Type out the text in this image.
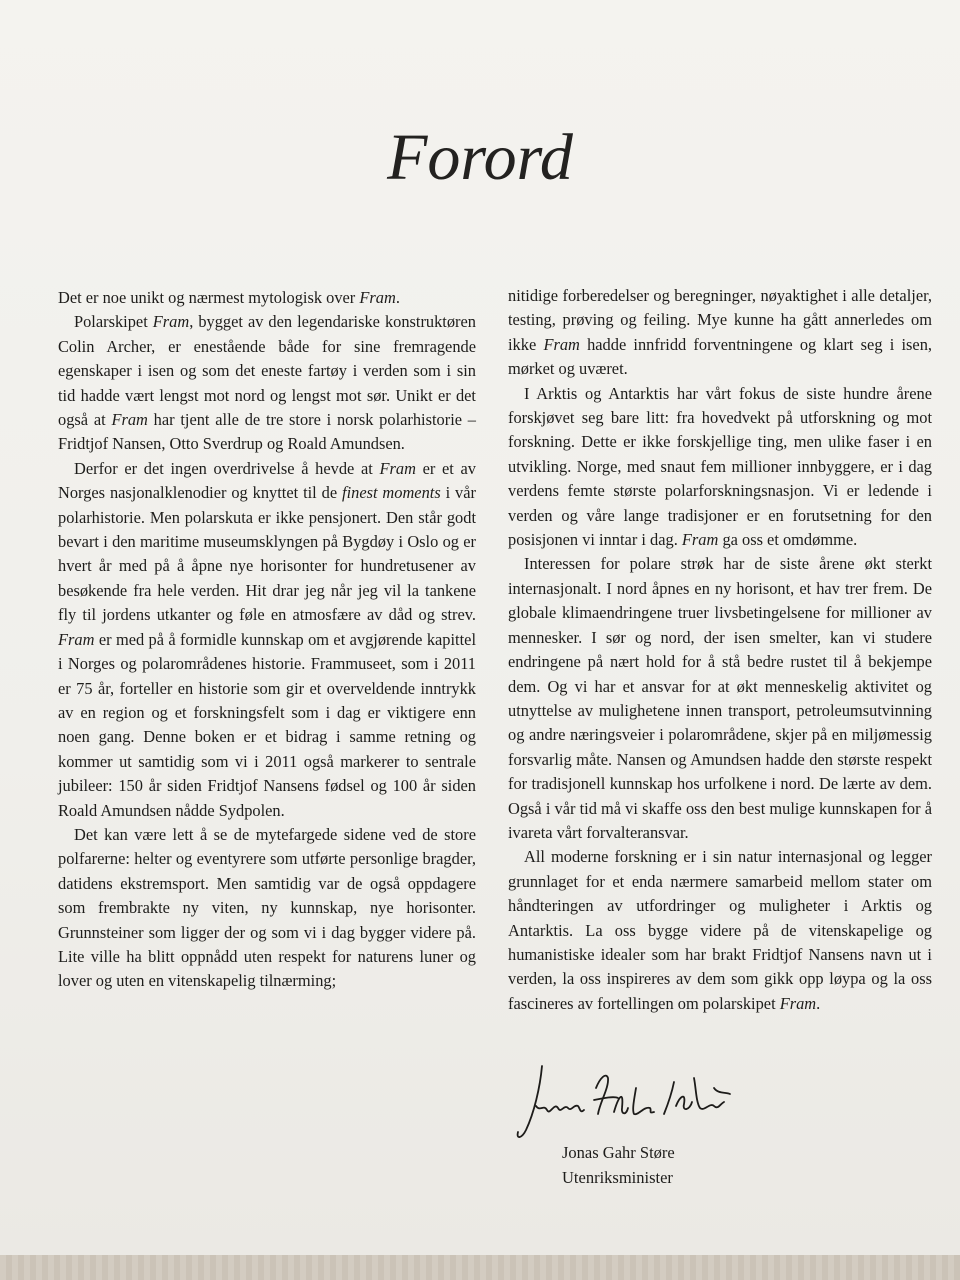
Forord

Det er noe unikt og nærmest mytologisk over Fram.

Polarskipet Fram, bygget av den legendariske konstruktøren Colin Archer, er enestående både for sine fremragende egenskaper i isen og som det eneste fartøy i verden som i sin tid hadde vært lengst mot nord og lengst mot sør. Unikt er det også at Fram har tjent alle de tre store i norsk polarhistorie – Fridtjof Nansen, Otto Sverdrup og Roald Amundsen.

Derfor er det ingen overdrivelse å hevde at Fram er et av Norges nasjonalklenodier og knyttet til de finest moments i vår polarhistorie. Men polarskuta er ikke pensjonert. Den står godt bevart i den maritime museumsklyngen på Bygdøy i Oslo og er hvert år med på å åpne nye horisonter for hundretusener av besøkende fra hele verden. Hit drar jeg når jeg vil la tankene fly til jordens utkanter og føle en atmosfære av dåd og strev. Fram er med på å formidle kunnskap om et avgjørende kapittel i Norges og polarområdenes historie. Frammuseet, som i 2011 er 75 år, forteller en historie som gir et overveldende inntrykk av en region og et forskningsfelt som i dag er viktigere enn noen gang. Denne boken er et bidrag i samme retning og kommer ut samtidig som vi i 2011 også markerer to sentrale jubileer: 150 år siden Fridtjof Nansens fødsel og 100 år siden Roald Amundsen nådde Sydpolen.

Det kan være lett å se de mytefargede sidene ved de store polfarerne: helter og eventyrere som utførte personlige bragder, datidens ekstremsport. Men samtidig var de også oppdagere som frembrakte ny viten, ny kunnskap, nye horisonter. Grunnsteiner som ligger der og som vi i dag bygger videre på. Lite ville ha blitt oppnådd uten respekt for naturens luner og lover og uten en vitenskapelig tilnærming;

nitidige forberedelser og beregninger, nøyaktighet i alle detaljer, testing, prøving og feiling. Mye kunne ha gått annerledes om ikke Fram hadde innfridd forventningene og klart seg i isen, mørket og uværet.

I Arktis og Antarktis har vårt fokus de siste hundre årene forskjøvet seg bare litt: fra hovedvekt på utforskning og mot forskning. Dette er ikke forskjellige ting, men ulike faser i en utvikling. Norge, med snaut fem millioner innbyggere, er i dag verdens femte største polarforskningsnasjon. Vi er ledende i verden og våre lange tradisjoner er en forutsetning for den posisjonen vi inntar i dag. Fram ga oss et omdømme.

Interessen for polare strøk har de siste årene økt sterkt internasjonalt. I nord åpnes en ny horisont, et hav trer frem. De globale klimaendringene truer livsbetingelsene for millioner av mennesker. I sør og nord, der isen smelter, kan vi studere endringene på nært hold for å stå bedre rustet til å bekjempe dem. Og vi har et ansvar for at økt menneskelig aktivitet og utnyttelse av mulighetene innen transport, petroleumsutvinning og andre næringsveier i polarområdene, skjer på en miljømessig forsvarlig måte. Nansen og Amundsen hadde den største respekt for tradisjonell kunnskap hos urfolkene i nord. De lærte av dem. Også i vår tid må vi skaffe oss den best mulige kunnskapen for å ivareta vårt forvalteransvar.

All moderne forskning er i sin natur internasjonal og legger grunnlaget for et enda nærmere samarbeid mellom stater om håndteringen av utfordringer og muligheter i Arktis og Antarktis. La oss bygge videre på de vitenskapelige og humanistiske idealer som har brakt Fridtjof Nansens navn ut i verden, la oss inspireres av dem som gikk opp løypa og la oss fascineres av fortellingen om polarskipet Fram.

Jonas Gahr Støre
Utenriksminister
